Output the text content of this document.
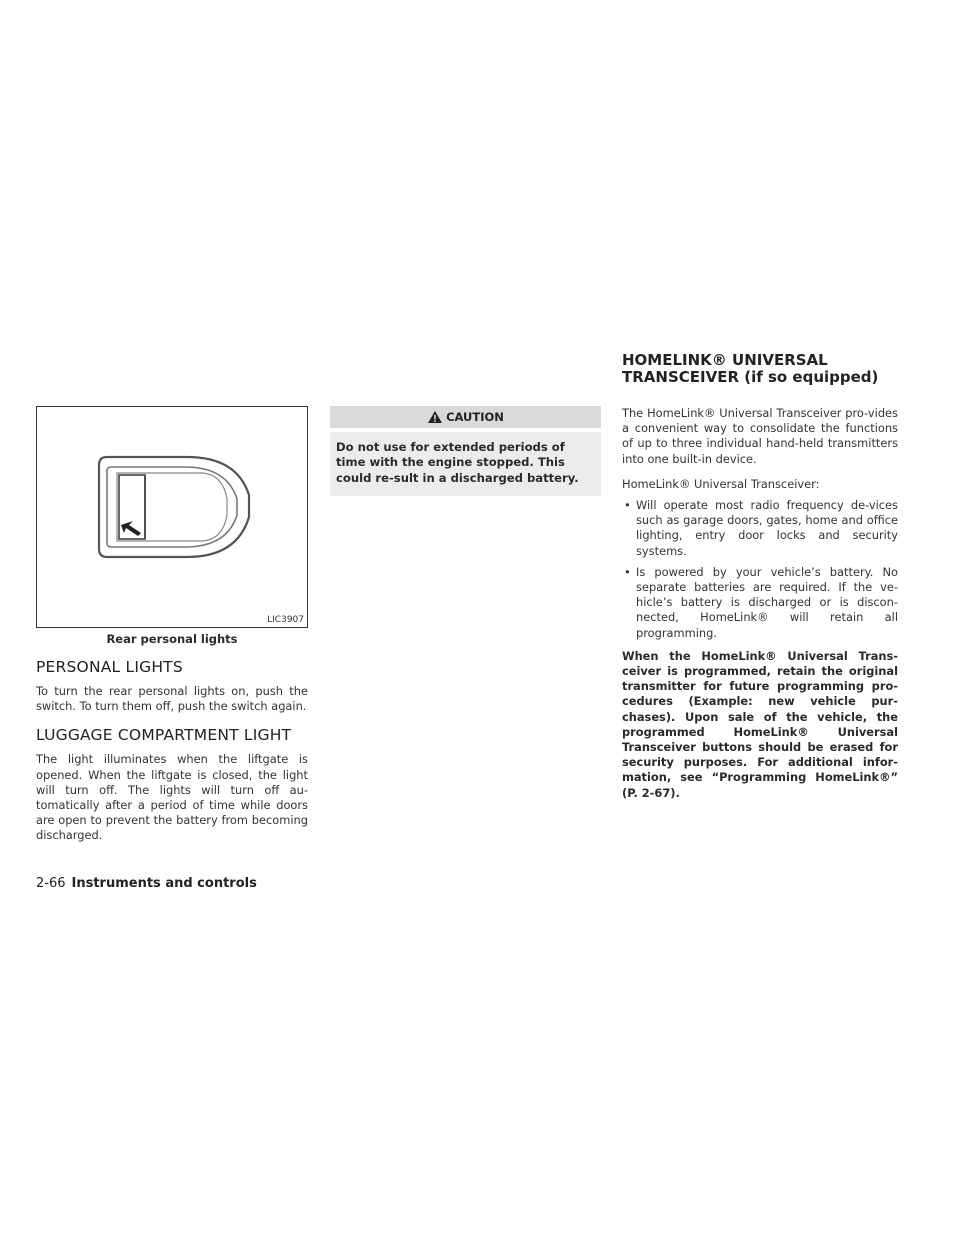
LIC3907
Rear personal lights
PERSONAL LIGHTS

To turn the rear personal lights on, push the switch. To turn them off, push the switch again.

LUGGAGE COMPARTMENT LIGHT

The light illuminates when the liftgate is opened. When the liftgate is closed, the light will turn off. The lights will turn off au-tomatically after a period of time while doors are open to prevent the battery from becoming discharged.

CAUTION
Do not use for extended periods of time with the engine stopped. This could re-sult in a discharged battery.
HOMELINK® UNIVERSAL
TRANSCEIVER (if so equipped)

The HomeLink® Universal Transceiver pro-vides a convenient way to consolidate the functions of up to three individual hand-held transmitters into one built-in device.

HomeLink® Universal Transceiver:

• Will operate most radio frequency de-vices such as garage doors, gates, home and office lighting, entry door locks and security systems.
• Is powered by your vehicle’s battery. No separate batteries are required. If the ve-hicle’s battery is discharged or is discon-nected, HomeLink® will retain all programming.

When the HomeLink® Universal Trans-ceiver is programmed, retain the original transmitter for future programming pro-cedures (Example: new vehicle pur-chases). Upon sale of the vehicle, the programmed HomeLink® Universal Transceiver buttons should be erased for security purposes. For additional infor-mation, see “Programming HomeLink®” (P. 2-67).

2-66 Instruments and controls
